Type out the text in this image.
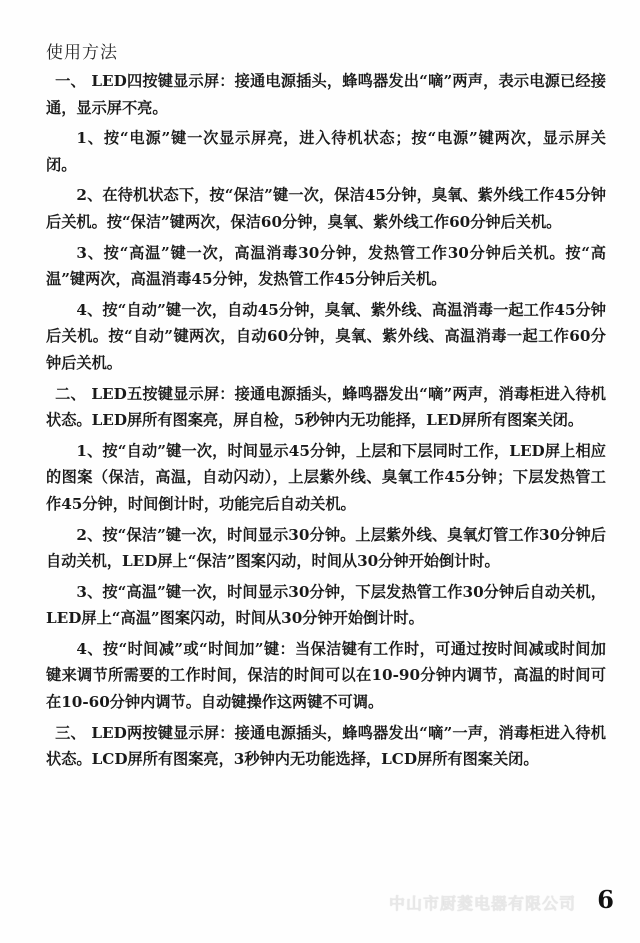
使用方法

一、 LED四按键显示屏：接通电源插头，蜂鸣器发出“嘀”两声，表示电源已经接通，显示屏不亮。

1、按“电源”键一次显示屏亮，进入待机状态；按“电源”键两次，显示屏关闭。

2、在待机状态下，按“保洁”键一次，保洁45分钟，臭氧、紫外线工作45分钟后关机。按“保洁”键两次，保洁60分钟，臭氧、紫外线工作60分钟后关机。

3、按“高温”键一次，高温消毒30分钟，发热管工作30分钟后关机。按“高温”键两次，高温消毒45分钟，发热管工作45分钟后关机。

4、按“自动”键一次，自动45分钟，臭氧、紫外线、高温消毒一起工作45分钟后关机。按“自动”键两次，自动60分钟，臭氧、紫外线、高温消毒一起工作60分钟后关机。

二、 LED五按键显示屏：接通电源插头，蜂鸣器发出“嘀”两声，消毒柜进入待机状态。LED屏所有图案亮，屏自检，5秒钟内无功能择，LED屏所有图案关闭。

1、按“自动”键一次，时间显示45分钟，上层和下层同时工作，LED屏上相应的图案（保洁，高温，自动闪动），上层紫外线、臭氧工作45分钟；下层发热管工作45分钟，时间倒计时，功能完后自动关机。

2、按“保洁”键一次，时间显示30分钟。上层紫外线、臭氧灯管工作30分钟后自动关机，LED屏上“保洁”图案闪动，时间从30分钟开始倒计时。

3、按“高温”键一次，时间显示30分钟，下层发热管工作30分钟后自动关机，LED屏上“高温”图案闪动，时间从30分钟开始倒计时。

4、按“时间减”或“时间加”键：当保洁键有工作时，可通过按时间减或时间加键来调节所需要的工作时间，保洁的时间可以在10-90分钟内调节，高温的时间可在10-60分钟内调节。自动键操作这两键不可调。

三、 LED两按键显示屏：接通电源插头，蜂鸣器发出“嘀”一声，消毒柜进入待机状态。LCD屏所有图案亮，3秒钟内无功能选择，LCD屏所有图案关闭。

中山市厨菱电器有限公司 6
